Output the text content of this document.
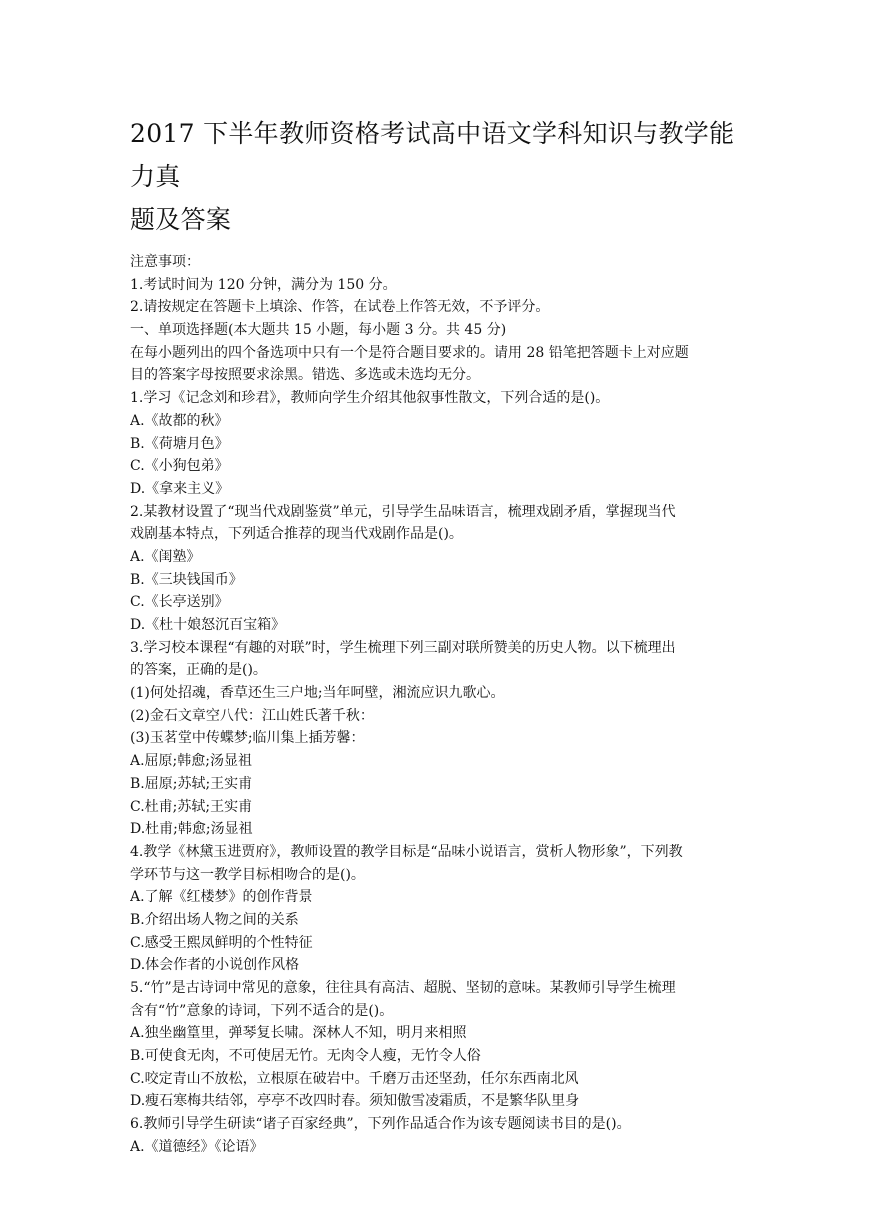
2017 下半年教师资格考试高中语文学科知识与教学能力真
题及答案
注意事项：
1.考试时间为 120 分钟，满分为 150 分。
2.请按规定在答题卡上填涂、作答，在试卷上作答无效，不予评分。
一、单项选择题(本大题共 15 小题，每小题 3 分。共 45 分)
在每小题列出的四个备选项中只有一个是符合题目要求的。请用 28 铅笔把答题卡上对应题
目的答案字母按照要求涂黑。错选、多选或未选均无分。
1.学习《记念刘和珍君》，教师向学生介绍其他叙事性散文，下列合适的是()。
A.《故都的秋》
B.《荷塘月色》
C.《小狗包弟》
D.《拿来主义》
2.某教材设置了“现当代戏剧鉴赏”单元，引导学生品味语言，梳理戏剧矛盾，掌握现当代
戏剧基本特点，下列适合推荐的现当代戏剧作品是()。
A.《闺塾》
B.《三块钱国币》
C.《长亭送别》
D.《杜十娘怒沉百宝箱》
3.学习校本课程“有趣的对联”时，学生梳理下列三副对联所赞美的历史人物。以下梳理出
的答案，正确的是()。
(1)何处招魂，香草还生三户地;当年呵壁，湘流应识九歌心。
(2)金石文章空八代：江山姓氏著千秋：
(3)玉茗堂中传蝶梦;临川集上插芳馨：
A.屈原;韩愈;汤显祖
B.屈原;苏轼;王实甫
C.杜甫;苏轼;王实甫
D.杜甫;韩愈;汤显祖
4.教学《林黛玉进贾府》，教师设置的教学目标是“品味小说语言，赏析人物形象”，下列教
学环节与这一教学目标相吻合的是()。
A.了解《红楼梦》的创作背景
B.介绍出场人物之间的关系
C.感受王熙凤鲜明的个性特征
D.体会作者的小说创作风格
5.“竹”是古诗词中常见的意象，往往具有高洁、超脱、坚韧的意味。某教师引导学生梳理
含有“竹”意象的诗词，下列不适合的是()。
A.独坐幽篁里，弹琴复长啸。深林人不知，明月来相照
B.可使食无肉，不可使居无竹。无肉令人瘦，无竹令人俗
C.咬定青山不放松，立根原在破岩中。千磨万击还坚劲，任尔东西南北风
D.瘦石寒梅共结邻，亭亭不改四时春。须知傲雪凌霜质，不是繁华队里身
6.教师引导学生研读“诸子百家经典”，下列作品适合作为该专题阅读书目的是()。
A.《道德经》《论语》
